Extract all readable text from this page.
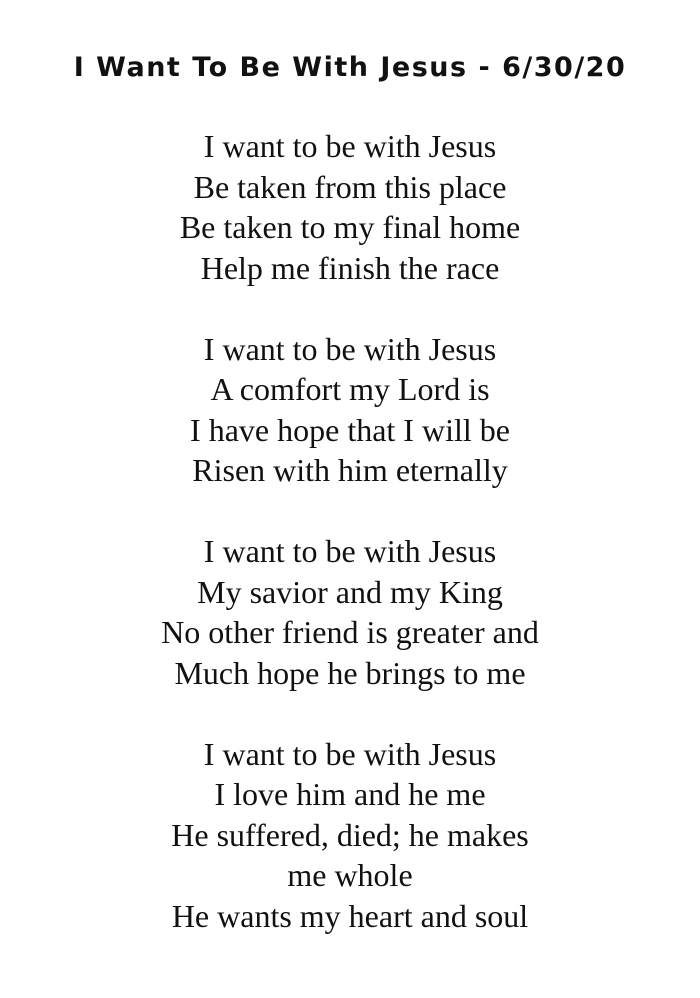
I Want To Be With Jesus - 6/30/20
I want to be with Jesus
Be taken from this place
Be taken to my final home
Help me finish the race
I want to be with Jesus
A comfort my Lord is
I have hope that I will be
Risen with him eternally
I want to be with Jesus
My savior and my King
No other friend is greater and
Much hope he brings to me
I want to be with Jesus
I love him and he me
He suffered, died; he makes
me whole
He wants my heart and soul
